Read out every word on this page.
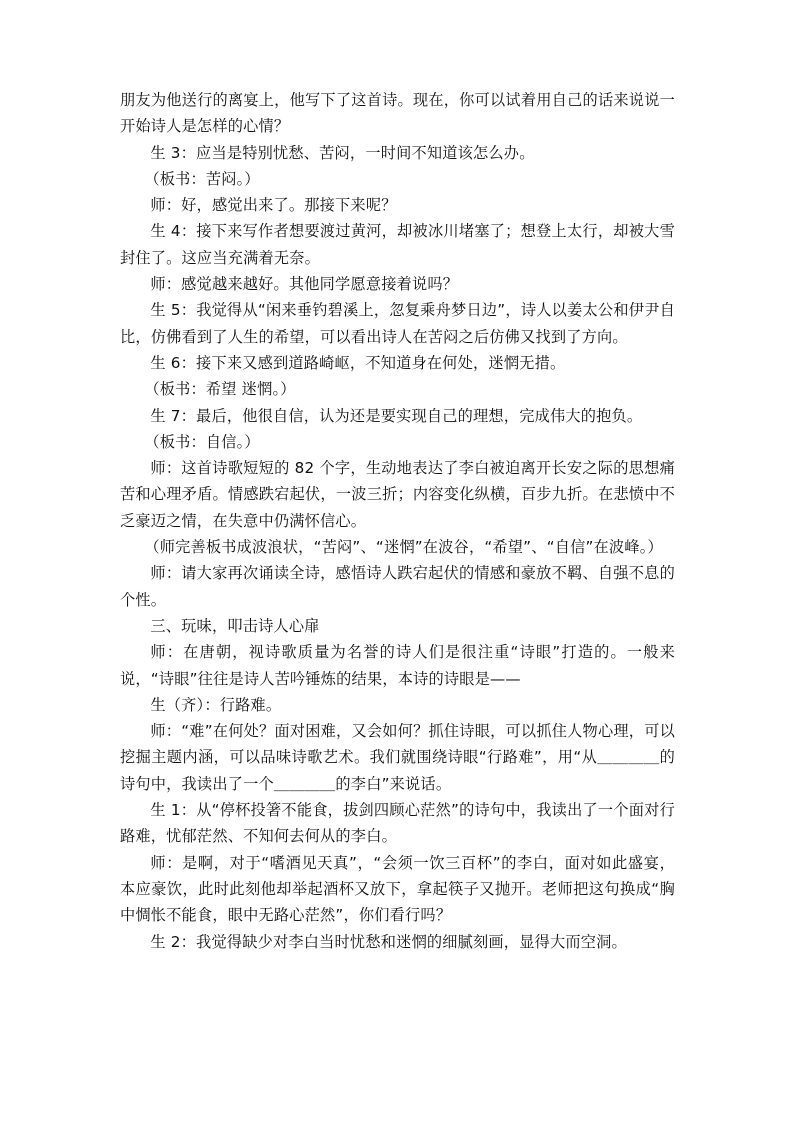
朋友为他送行的离宴上，他写下了这首诗。现在，你可以试着用自己的话来说说一开始诗人是怎样的心情？

生 3：应当是特别忧愁、苦闷，一时间不知道该怎么办。

（板书：苦闷。）

师：好，感觉出来了。那接下来呢？

生 4：接下来写作者想要渡过黄河，却被冰川堵塞了；想登上太行，却被大雪封住了。这应当充满着无奈。

师：感觉越来越好。其他同学愿意接着说吗？

生 5：我觉得从“闲来垂钓碧溪上，忽复乘舟梦日边”，诗人以姜太公和伊尹自比，仿佛看到了人生的希望，可以看出诗人在苦闷之后仿佛又找到了方向。

生 6：接下来又感到道路崎岖，不知道身在何处，迷惘无措。

（板书：希望 迷惘。）

生 7：最后，他很自信，认为还是要实现自己的理想，完成伟大的抱负。

（板书：自信。）

师：这首诗歌短短的 82 个字，生动地表达了李白被迫离开长安之际的思想痛苦和心理矛盾。情感跌宕起伏，一波三折；内容变化纵横，百步九折。在悲愤中不乏豪迈之情，在失意中仍满怀信心。

（师完善板书成波浪状，“苦闷”、“迷惘”在波谷，“希望”、“自信”在波峰。）

师：请大家再次诵读全诗，感悟诗人跌宕起伏的情感和豪放不羁、自强不息的个性。

三、玩味，叩击诗人心扉

师：在唐朝，视诗歌质量为名誉的诗人们是很注重“诗眼”打造的。一般来说，“诗眼”往往是诗人苦吟锤炼的结果，本诗的诗眼是——

生（齐）：行路难。

师：“难”在何处？面对困难，又会如何？抓住诗眼，可以抓住人物心理，可以挖掘主题内涵，可以品味诗歌艺术。我们就围绕诗眼“行路难”，用“从＿＿＿＿的诗句中，我读出了一个＿＿＿＿的李白”来说话。

生 1：从“停杯投箸不能食，拔剑四顾心茫然”的诗句中，我读出了一个面对行路难，忧郁茫然、不知何去何从的李白。

师：是啊，对于“嗜酒见天真”，“会须一饮三百杯”的李白，面对如此盛宴，本应豪饮，此时此刻他却举起酒杯又放下，拿起筷子又抛开。老师把这句换成“胸中惆怅不能食，眼中无路心茫然”，你们看行吗？

生 2：我觉得缺少对李白当时忧愁和迷惘的细腻刻画，显得大而空洞。
